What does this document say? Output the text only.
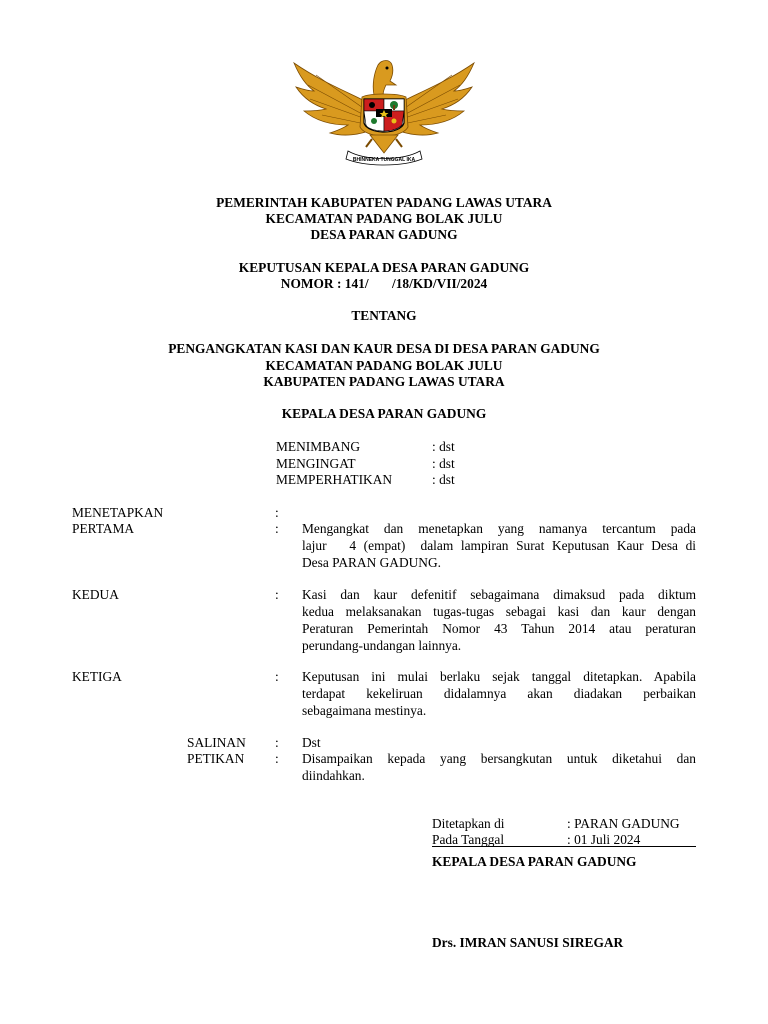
BHINNEKA TUNGGAL IKA
PEMERINTAH KABUPATEN PADANG LAWAS UTARA
KECAMATAN PADANG BOLAK JULU
DESA PARAN GADUNG
KEPUTUSAN KEPALA DESA PARAN GADUNG
NOMOR : 141/       /18/KD/VII/2024
TENTANG
PENGANGKATAN KASI DAN KAUR DESA DI DESA PARAN GADUNG
KECAMATAN PADANG BOLAK JULU
KABUPATEN PADANG LAWAS UTARA
KEPALA DESA PARAN GADUNG
MENIMBANG	: dst
MENGINGAT	: dst
MEMPERHATIKAN	: dst
MENETAPKAN	:
PERTAMA	: Mengangkat dan menetapkan yang namanya tercantum pada
lajur   4 (empat)  dalam lampiran Surat Keputusan Kaur Desa di
Desa PARAN GADUNG.
KEDUA	: Kasi dan kaur defenitif sebagaimana dimaksud pada diktum
kedua melaksanakan tugas-tugas sebagai kasi dan kaur dengan
Peraturan Pemerintah Nomor 43 Tahun 2014 atau peraturan
perundang-undangan lainnya.
KETIGA	: Keputusan ini mulai berlaku sejak tanggal ditetapkan. Apabila
terdapat kekeliruan didalamnya akan diadakan perbaikan
sebagaimana mestinya.
SALINAN : Dst
PETIKAN : Disampaikan kepada yang bersangkutan untuk diketahui dan
diindahkan.
Ditetapkan di	: PARAN GADUNG
Pada Tanggal	: 01 Juli 2024
KEPALA DESA PARAN GADUNG
Drs. IMRAN SANUSI SIREGAR
